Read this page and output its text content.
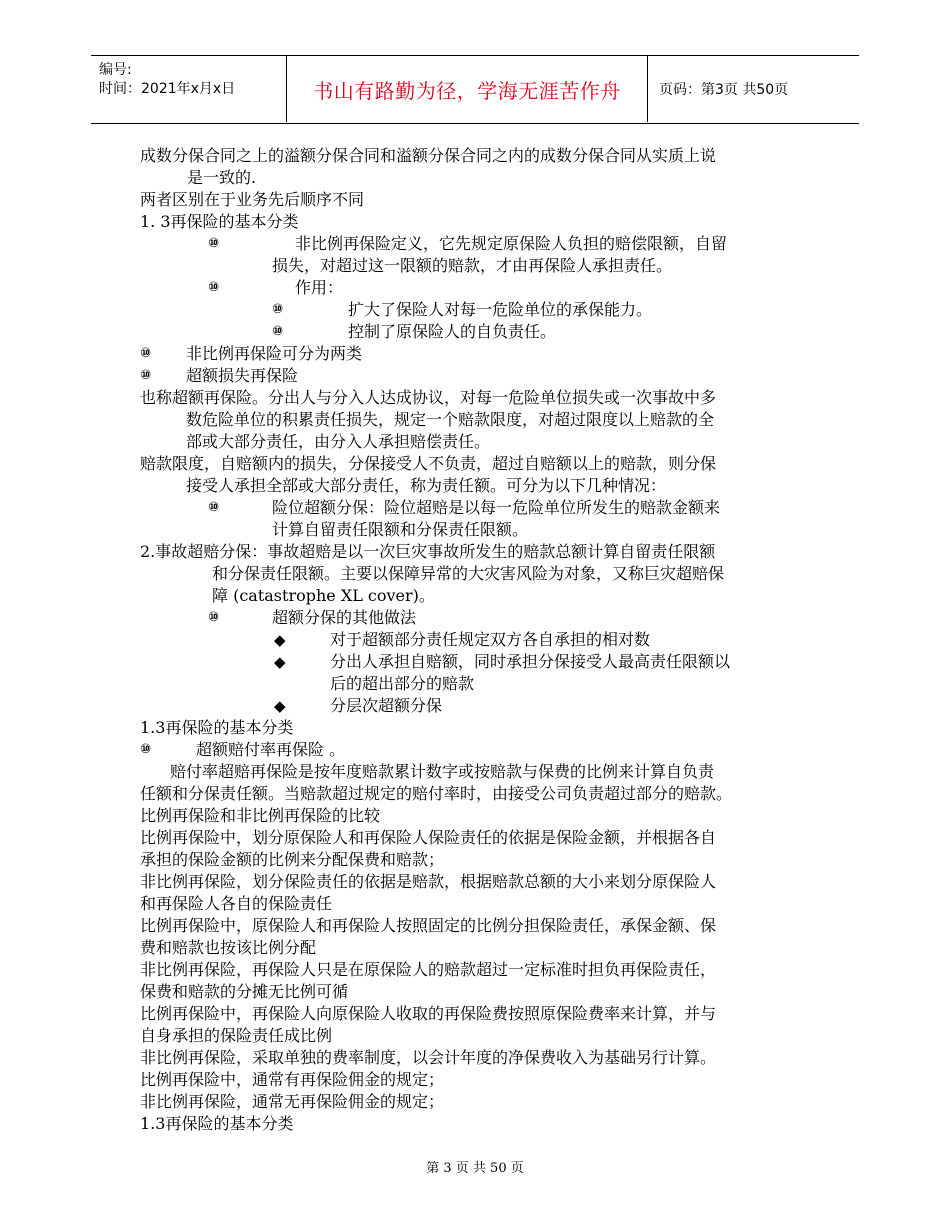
编号:
时间：2021年x月x日	书山有路勤为径，学海无涯苦作舟	页码：第3页 共50页
成数分保合同之上的溢额分保合同和溢额分保合同之内的成数分保合同从实质上说
是一致的.
两者区别在于业务先后顺序不同
1. 3再保险的基本分类
⑩	非比例再保险定义，它先规定原保险人负担的赔偿限额，自留
损失，对超过这一限额的赔款，才由再保险人承担责任。
⑩	作用：
⑩	扩大了保险人对每一危险单位的承保能力。
⑩	控制了原保险人的自负责任。
⑩ 非比例再保险可分为两类
⑩ 超额损失再保险
也称超额再保险。分出人与分入人达成协议，对每一危险单位损失或一次事故中多
数危险单位的积累责任损失，规定一个赔款限度，对超过限度以上赔款的全
部或大部分责任，由分入人承担赔偿责任。
赔款限度，自赔额内的损失，分保接受人不负责，超过自赔额以上的赔款，则分保
接受人承担全部或大部分责任，称为责任额。可分为以下几种情况：
⑩	险位超额分保：险位超赔是以每一危险单位所发生的赔款金额来
计算自留责任限额和分保责任限额。
2.事故超赔分保：事故超赔是以一次巨灾事故所发生的赔款总额计算自留责任限额
和分保责任限额。主要以保障异常的大灾害风险为对象，又称巨灾超赔保
障 (catastrophe XL cover)。
⑩	超额分保的其他做法
◆	对于超额部分责任规定双方各自承担的相对数
◆	分出人承担自赔额，同时承担分保接受人最高责任限额以
后的超出部分的赔款
◆	分层次超额分保
1.3再保险的基本分类
⑩	超额赔付率再保险 。
赔付率超赔再保险是按年度赔款累计数字或按赔款与保费的比例来计算自负责
任额和分保责任额。当赔款超过规定的赔付率时，由接受公司负责超过部分的赔款。
比例再保险和非比例再保险的比较
比例再保险中，划分原保险人和再保险人保险责任的依据是保险金额，并根据各自
承担的保险金额的比例来分配保费和赔款；
非比例再保险，划分保险责任的依据是赔款，根据赔款总额的大小来划分原保险人
和再保险人各自的保险责任
比例再保险中，原保险人和再保险人按照固定的比例分担保险责任，承保金额、保
费和赔款也按该比例分配
非比例再保险，再保险人只是在原保险人的赔款超过一定标准时担负再保险责任，
保费和赔款的分摊无比例可循
比例再保险中，再保险人向原保险人收取的再保险费按照原保险费率来计算，并与
自身承担的保险责任成比例
非比例再保险，采取单独的费率制度，以会计年度的净保费收入为基础另行计算。
比例再保险中，通常有再保险佣金的规定；
非比例再保险，通常无再保险佣金的规定；
1.3再保险的基本分类
第 3 页 共 50 页
